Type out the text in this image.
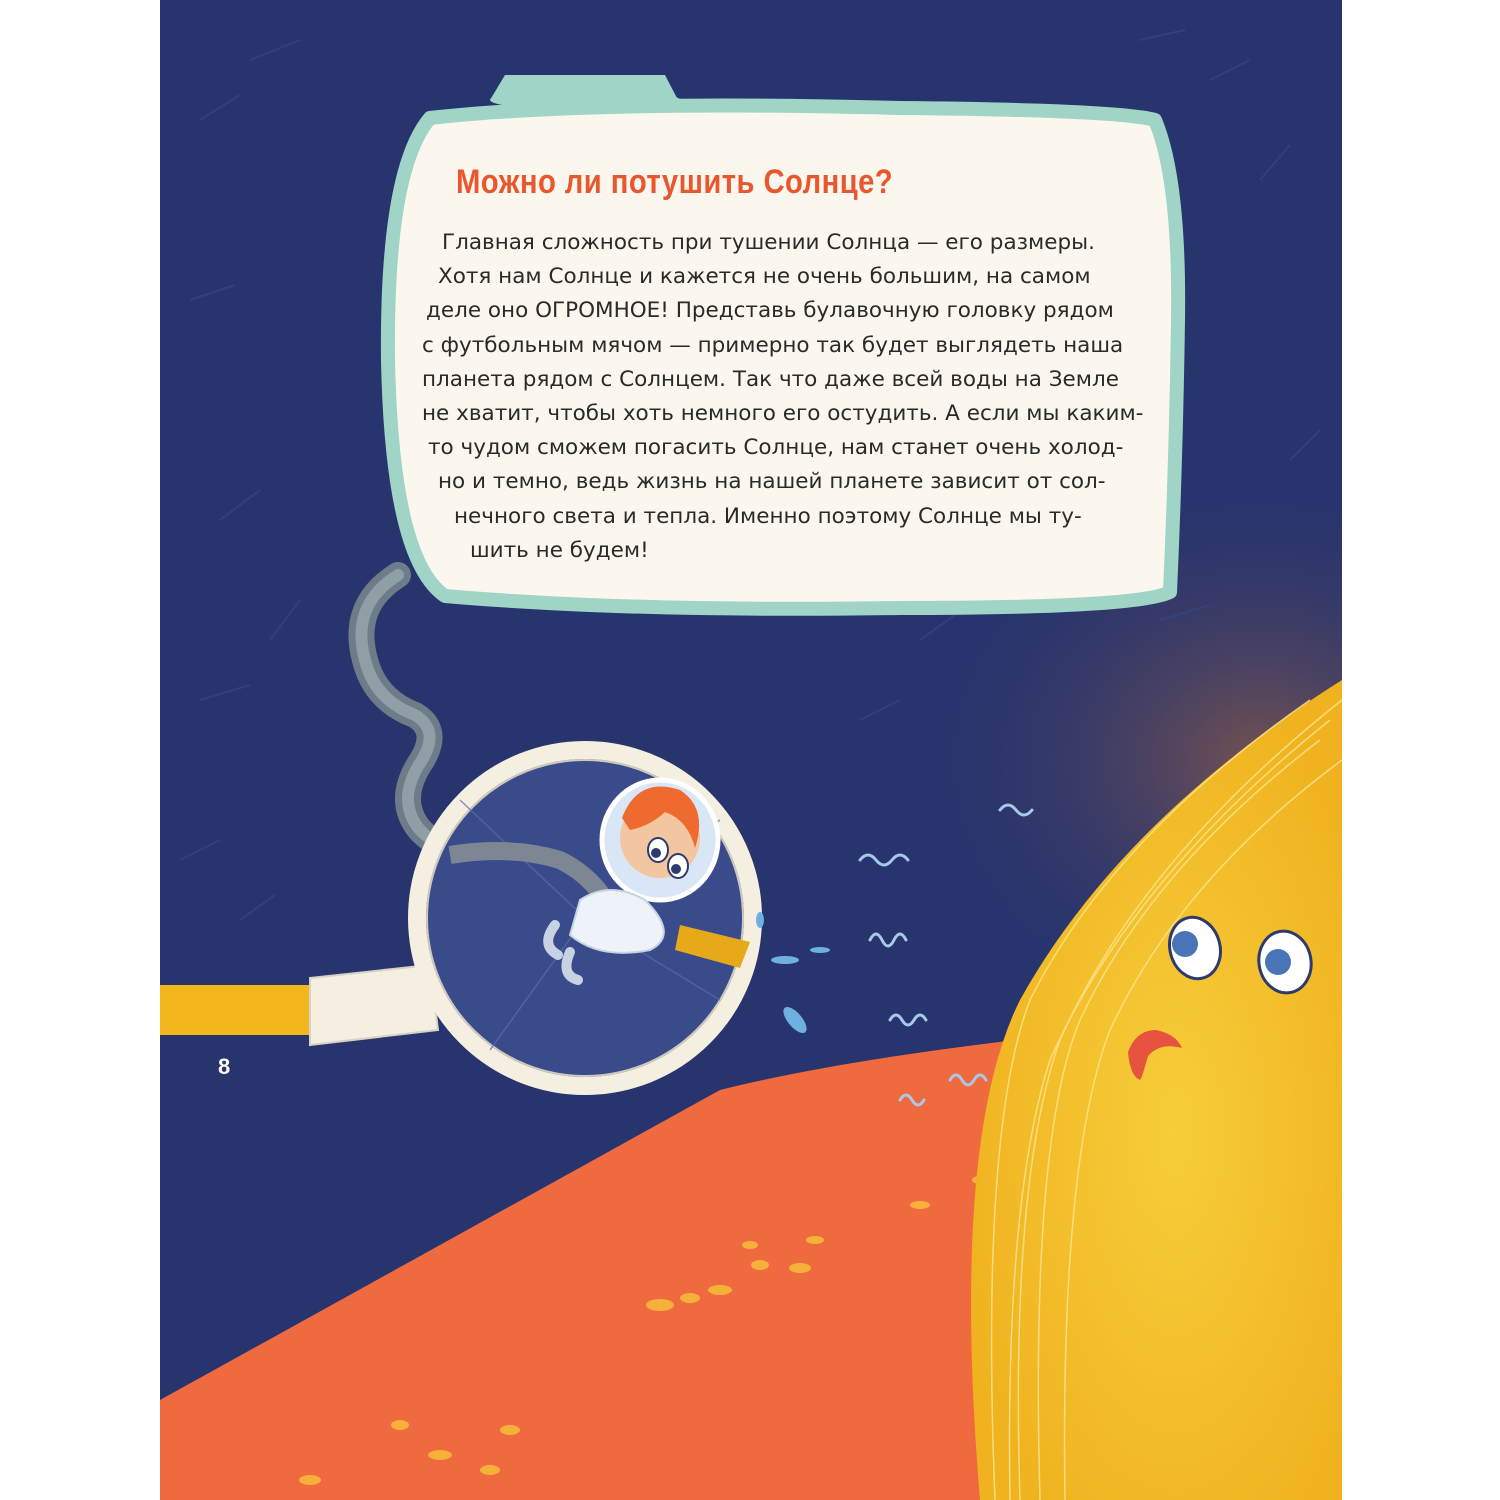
Можно ли потушить Солнце?
Главная сложность при тушении Солнца — его размеры.
Хотя нам Солнце и кажется не очень большим, на самом
деле оно ОГРОМНОЕ! Представь булавочную головку рядом
с футбольным мячом — примерно так будет выглядеть наша
планета рядом с Солнцем. Так что даже всей воды на Земле
не хватит, чтобы хоть немного его остудить. А если мы каким-
то чудом сможем погасить Солнце, нам станет очень холод-
но и темно, ведь жизнь на нашей планете зависит от сол-
нечного света и тепла. Именно поэтому Солнце мы ту-
шить не будем!
8
